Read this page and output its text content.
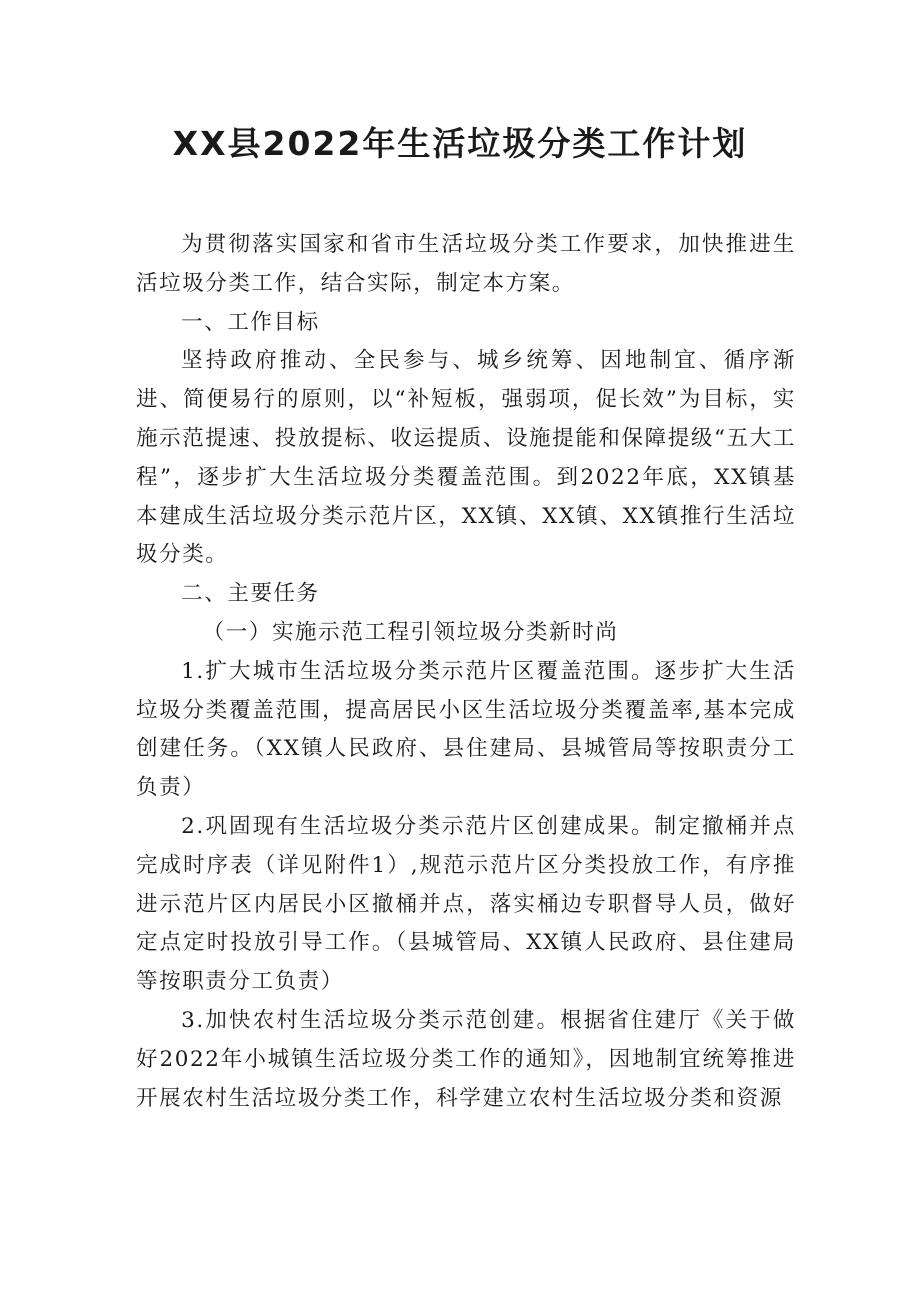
XX县2022年生活垃圾分类工作计划

为贯彻落实国家和省市生活垃圾分类工作要求，加快推进生活垃圾分类工作，结合实际，制定本方案。

一、工作目标

坚持政府推动、全民参与、城乡统筹、因地制宜、循序渐进、简便易行的原则，以“补短板，强弱项，促长效”为目标，实施示范提速、投放提标、收运提质、设施提能和保障提级“五大工程”，逐步扩大生活垃圾分类覆盖范围。到2022年底，XX镇基本建成生活垃圾分类示范片区，XX镇、XX镇、XX镇推行生活垃圾分类。

二、主要任务

（一）实施示范工程引领垃圾分类新时尚

1.扩大城市生活垃圾分类示范片区覆盖范围。逐步扩大生活垃圾分类覆盖范围，提高居民小区生活垃圾分类覆盖率,基本完成创建任务。（XX镇人民政府、县住建局、县城管局等按职责分工负责）

2.巩固现有生活垃圾分类示范片区创建成果。制定撤桶并点完成时序表（详见附件1）,规范示范片区分类投放工作，有序推进示范片区内居民小区撤桶并点，落实桶边专职督导人员，做好定点定时投放引导工作。（县城管局、XX镇人民政府、县住建局等按职责分工负责）

3.加快农村生活垃圾分类示范创建。根据省住建厅《关于做好2022年小城镇生活垃圾分类工作的通知》，因地制宜统筹推进开展农村生活垃圾分类工作，科学建立农村生活垃圾分类和资源
